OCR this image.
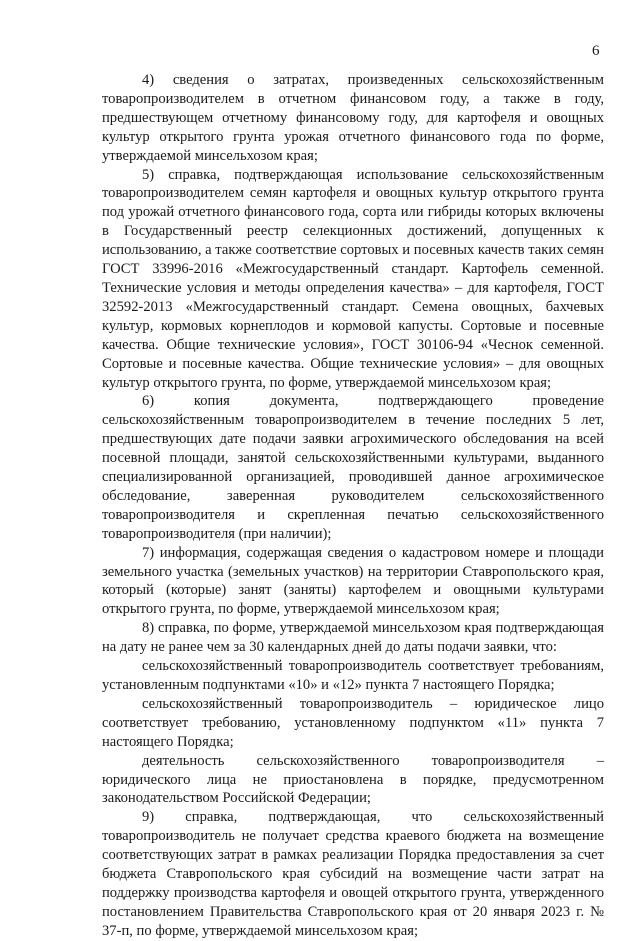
6

4) сведения о затратах, произведенных сельскохозяйственным товаропроизводителем в отчетном финансовом году, а также в году, предшествующем отчетному финансовому году, для картофеля и овощных культур открытого грунта урожая отчетного финансового года по форме, утверждаемой минсельхозом края;

5) справка, подтверждающая использование сельскохозяйственным товаропроизводителем семян картофеля и овощных культур открытого грунта под урожай отчетного финансового года, сорта или гибриды которых включены в Государственный реестр селекционных достижений, допущенных к использованию, а также соответствие сортовых и посевных качеств таких семян ГОСТ 33996-2016 «Межгосударственный стандарт. Картофель семенной. Технические условия и методы определения качества» – для картофеля, ГОСТ 32592-2013 «Межгосударственный стандарт. Семена овощных, бахчевых культур, кормовых корнеплодов и кормовой капусты. Сортовые и посевные качества. Общие технические условия», ГОСТ 30106-94 «Чеснок семенной. Сортовые и посевные качества. Общие технические условия» – для овощных культур открытого грунта, по форме, утверждаемой минсельхозом края;

6) копия документа, подтверждающего проведение сельскохозяйственным товаропроизводителем в течение последних 5 лет, предшествующих дате подачи заявки агрохимического обследования на всей посевной площади, занятой сельскохозяйственными культурами, выданного специализированной организацией, проводившей данное агрохимическое обследование, заверенная руководителем сельскохозяйственного товаропроизводителя и скрепленная печатью сельскохозяйственного товаропроизводителя (при наличии);

7) информация, содержащая сведения о кадастровом номере и площади земельного участка (земельных участков) на территории Ставропольского края, который (которые) занят (заняты) картофелем и овощными культурами открытого грунта, по форме, утверждаемой минсельхозом края;

8) справка, по форме, утверждаемой минсельхозом края подтверждающая на дату не ранее чем за 30 календарных дней до даты подачи заявки, что:

сельскохозяйственный товаропроизводитель соответствует требованиям, установленным подпунктами «10» и «12» пункта 7 настоящего Порядка;

сельскохозяйственный товаропроизводитель – юридическое лицо соответствует требованию, установленному подпунктом «11» пункта 7 настоящего Порядка;

деятельность сельскохозяйственного товаропроизводителя – юридического лица не приостановлена в порядке, предусмотренном законодательством Российской Федерации;

9) справка, подтверждающая, что сельскохозяйственный товаропроизводитель не получает средства краевого бюджета на возмещение соответствующих затрат в рамках реализации Порядка предоставления за счет бюджета Ставропольского края субсидий на возмещение части затрат на поддержку производства картофеля и овощей открытого грунта, утвержденного постановлением Правительства Ставропольского края от 20 января 2023 г. № 37-п, по форме, утверждаемой минсельхозом края;
